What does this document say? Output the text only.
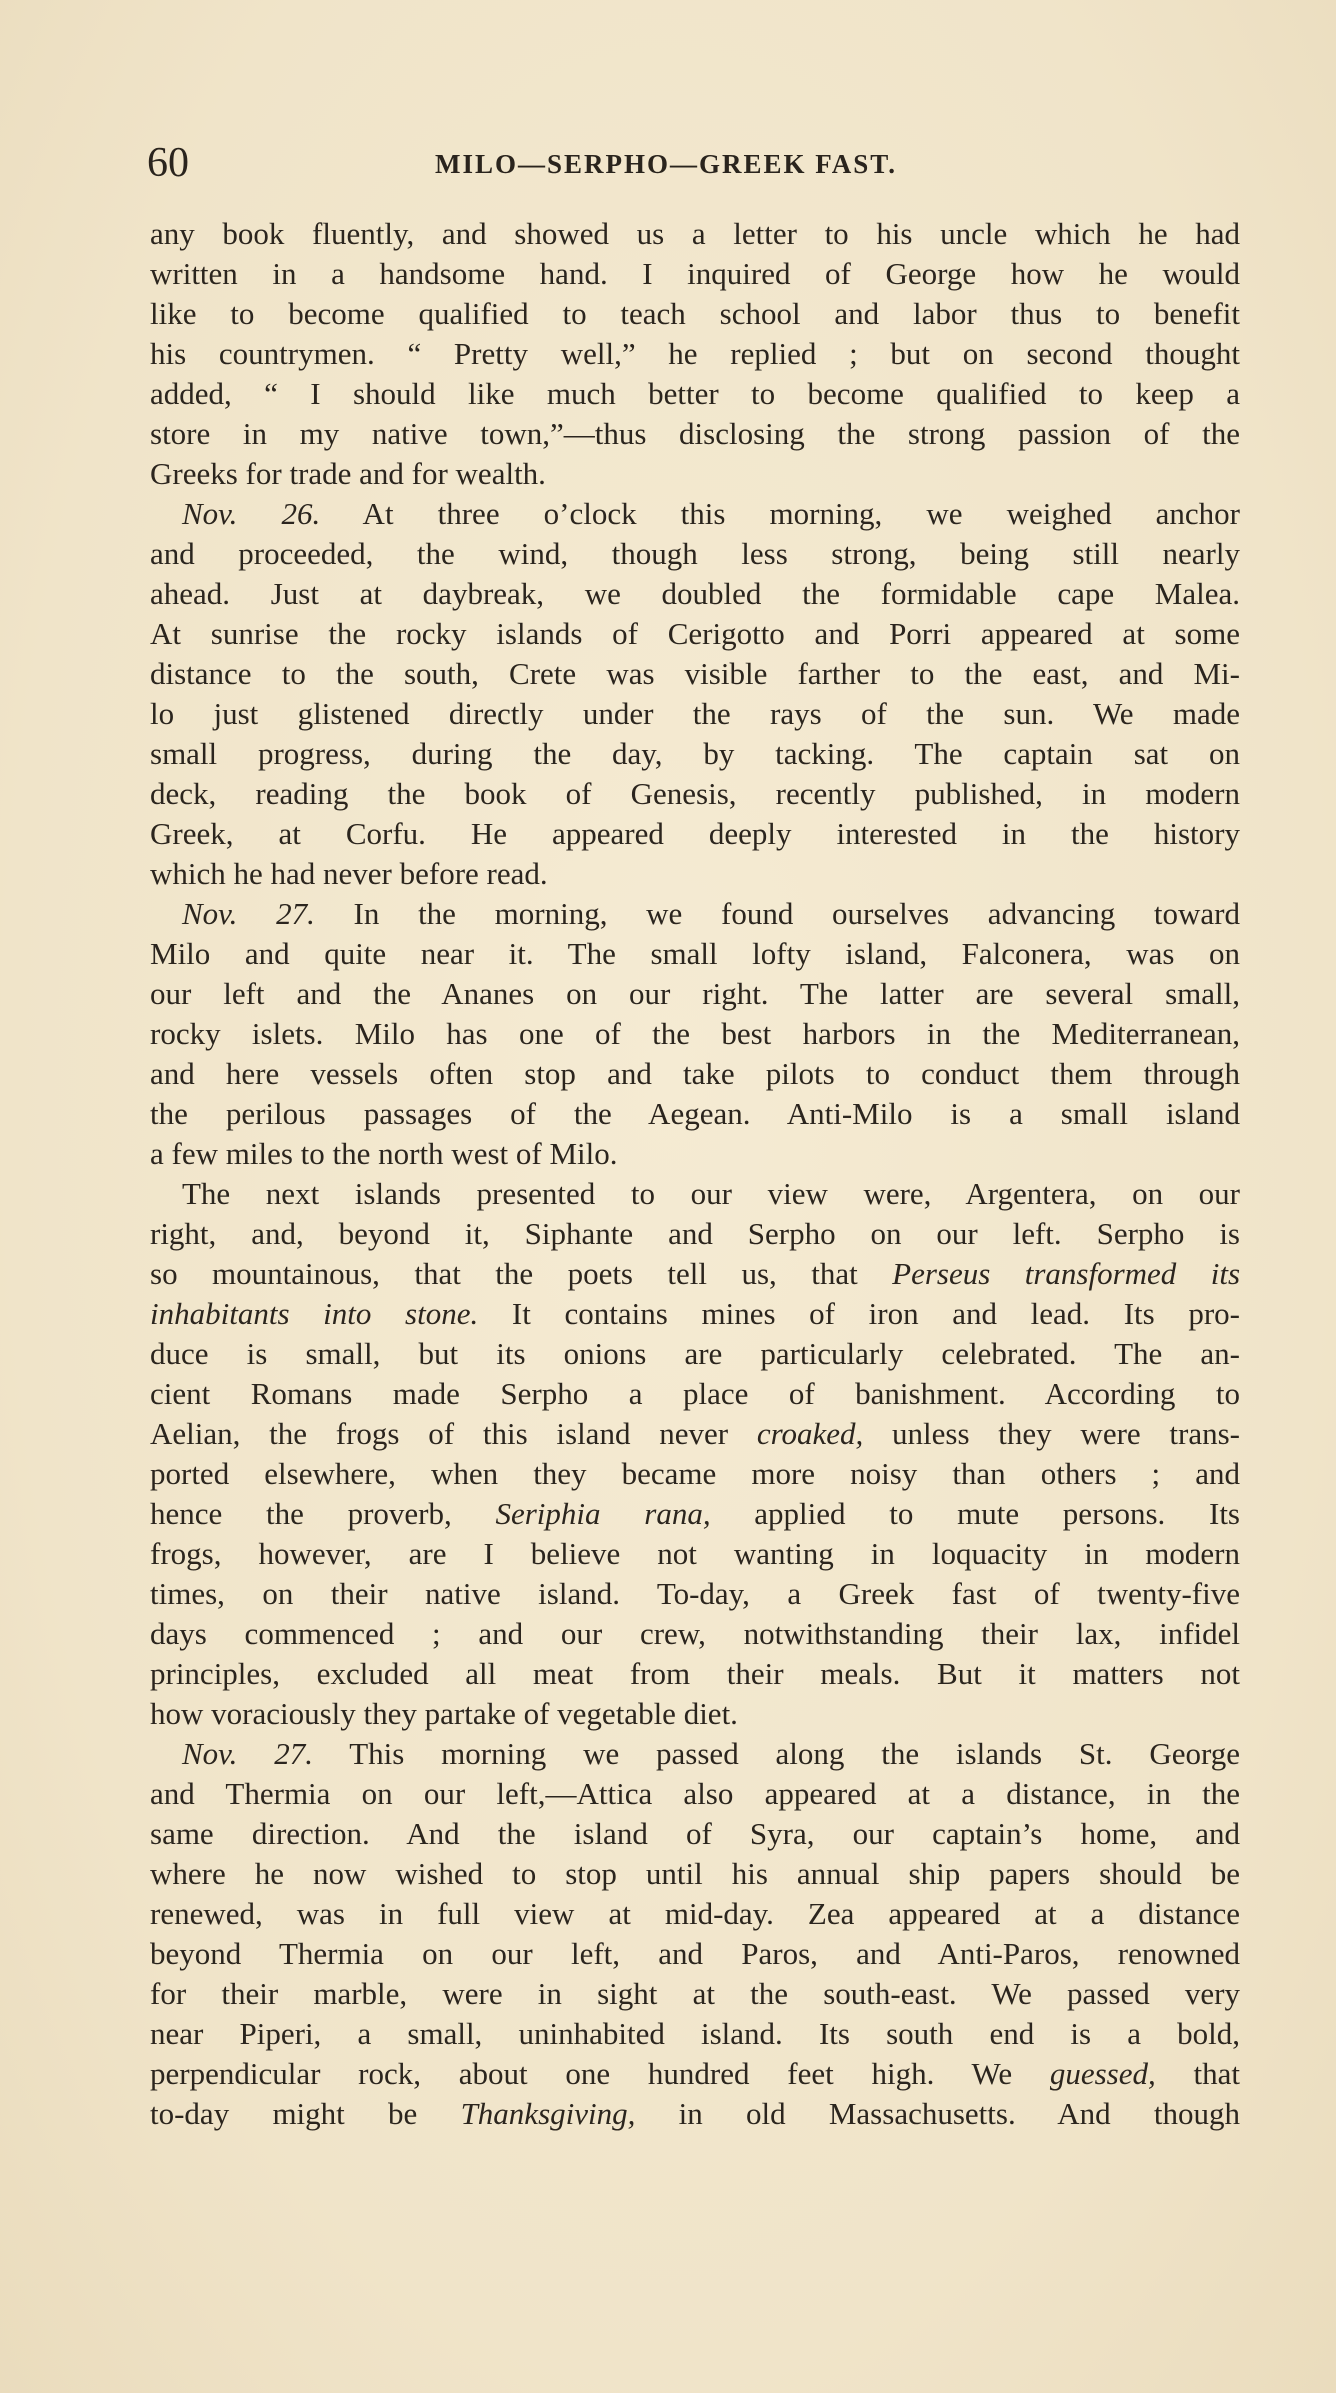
60	MILO—SERPHO—GREEK FAST.
any book fluently, and showed us a letter to his uncle which he had
written in a handsome hand. I inquired of George how he would
like to become qualified to teach school and labor thus to benefit
his countrymen. “ Pretty well,” he replied ; but on second thought
added, “ I should like much better to become qualified to keep a
store in my native town,”—thus disclosing the strong passion of the
Greeks for trade and for wealth.
Nov. 26. At three o’clock this morning, we weighed anchor
and proceeded, the wind, though less strong, being still nearly
ahead. Just at daybreak, we doubled the formidable cape Malea.
At sunrise the rocky islands of Cerigotto and Porri appeared at some
distance to the south, Crete was visible farther to the east, and Mi-
lo just glistened directly under the rays of the sun. We made
small progress, during the day, by tacking. The captain sat on
deck, reading the book of Genesis, recently published, in modern
Greek, at Corfu. He appeared deeply interested in the history
which he had never before read.
Nov. 27. In the morning, we found ourselves advancing toward
Milo and quite near it. The small lofty island, Falconera, was on
our left and the Ananes on our right. The latter are several small,
rocky islets. Milo has one of the best harbors in the Mediterranean,
and here vessels often stop and take pilots to conduct them through
the perilous passages of the Aegean. Anti-Milo is a small island
a few miles to the north west of Milo.
The next islands presented to our view were, Argentera, on our
right, and, beyond it, Siphante and Serpho on our left. Serpho is
so mountainous, that the poets tell us, that Perseus transformed its
inhabitants into stone. It contains mines of iron and lead. Its pro-
duce is small, but its onions are particularly celebrated. The an-
cient Romans made Serpho a place of banishment. According to
Aelian, the frogs of this island never croaked, unless they were trans-
ported elsewhere, when they became more noisy than others ; and
hence the proverb, Seriphia rana, applied to mute persons. Its
frogs, however, are I believe not wanting in loquacity in modern
times, on their native island. To-day, a Greek fast of twenty-five
days commenced ; and our crew, notwithstanding their lax, infidel
principles, excluded all meat from their meals. But it matters not
how voraciously they partake of vegetable diet.
Nov. 27. This morning we passed along the islands St. George
and Thermia on our left,—Attica also appeared at a distance, in the
same direction. And the island of Syra, our captain’s home, and
where he now wished to stop until his annual ship papers should be
renewed, was in full view at mid-day. Zea appeared at a distance
beyond Thermia on our left, and Paros, and Anti-Paros, renowned
for their marble, were in sight at the south-east. We passed very
near Piperi, a small, uninhabited island. Its south end is a bold,
perpendicular rock, about one hundred feet high. We guessed, that
to-day might be Thanksgiving, in old Massachusetts. And though
